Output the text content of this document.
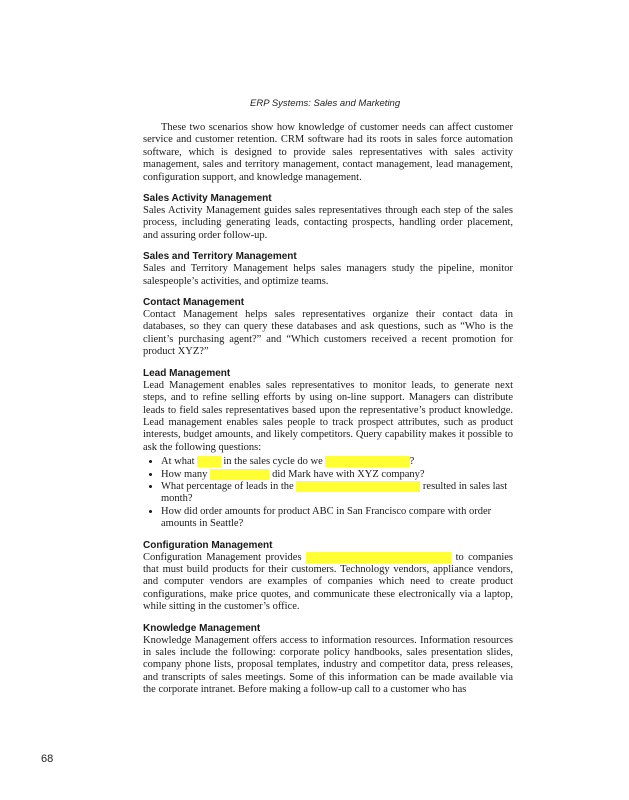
ERP Systems: Sales and Marketing

These two scenarios show how knowledge of customer needs can affect customer service and customer retention. CRM software had its roots in sales force automation software, which is designed to provide sales representatives with sales activity management, sales and territory management, contact management, lead management, configuration support, and knowledge management.

Sales Activity Management

Sales Activity Management guides sales representatives through each step of the sales process, including generating leads, contacting prospects, handling order placement, and assuring order follow-up.

Sales and Territory Management

Sales and Territory Management helps sales managers study the pipeline, monitor salespeople’s activities, and optimize teams.

Contact Management

Contact Management helps sales representatives organize their contact data in databases, so they can query these databases and ask questions, such as “Who is the client’s purchasing agent?” and “Which customers received a recent promotion for product XYZ?”

Lead Management

Lead Management enables sales representatives to monitor leads, to generate next steps, and to refine selling efforts by using on-line support. Managers can distribute leads to field sales representatives based upon the representative’s product knowledge. Lead management enables sales people to track prospect attributes, such as product interests, budget amounts, and likely competitors. Query capability makes it possible to ask the following questions:

• At what in the sales cycle do we	?
• How many	did Mark have with XYZ company?
• What percentage of leads in the	resulted in sales last month?
• How did order amounts for product ABC in San Francisco compare with order amounts in Seattle?
Configuration Management

Configuration Management provides	to companies that must build products for their customers. Technology vendors, appliance vendors, and computer vendors are examples of companies which need to create product configurations, make price quotes, and communicate these electronically via a laptop, while sitting in the customer’s office.

Knowledge Management

Knowledge Management offers access to information resources. Information resources in sales include the following: corporate policy handbooks, sales presentation slides, company phone lists, proposal templates, industry and competitor data, press releases, and transcripts of sales meetings. Some of this information can be made available via the corporate intranet. Before making a follow-up call to a customer who has

68
